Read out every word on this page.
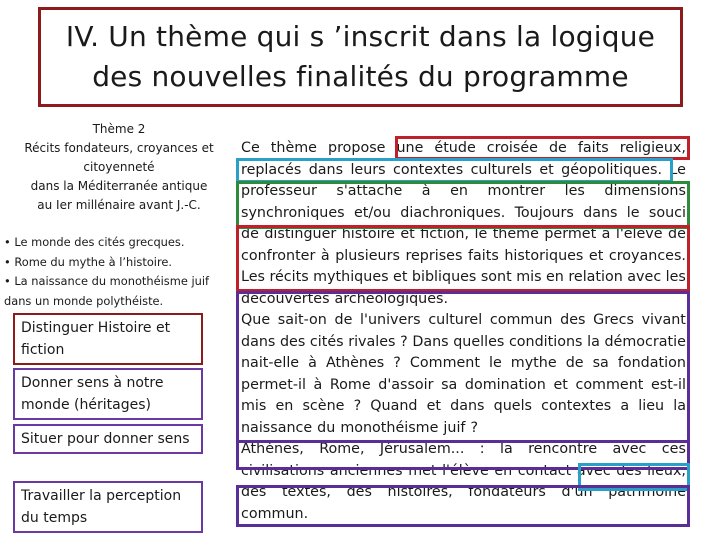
IV. Un thème qui s ’inscrit dans la logique
des nouvelles finalités du programme
Thème 2
Récits fondateurs, croyances et
citoyenneté
dans la Méditerranée antique
au Ier millénaire avant J.-C.
• Le monde des cités grecques.
• Rome du mythe à l’histoire.
• La naissance du monothéisme juif
dans un monde polythéiste.
Distinguer Histoire et fiction
Donner sens à notre monde (héritages)
Situer pour donner sens
Travailler la perception du temps
Ce thème propose une étude croisée de faits religieux,
replacés dans leurs contextes culturels et géopolitiques. Le
professeur s'attache à en montrer les dimensions
synchroniques et/ou diachroniques. Toujours dans le souci
de distinguer histoire et fiction, le thème permet à l'élève de
confronter à plusieurs reprises faits historiques et croyances.
Les récits mythiques et bibliques sont mis en relation avec les
découvertes archéologiques.
Que sait-on de l'univers culturel commun des Grecs vivant
dans des cités rivales ? Dans quelles conditions la démocratie
nait-elle à Athènes ? Comment le mythe de sa fondation
permet-il à Rome d'assoir sa domination et comment est-il
mis en scène ? Quand et dans quels contextes a lieu la
naissance du monothéisme juif ?
Athènes, Rome, Jérusalem... : la rencontre avec ces
civilisations anciennes met l'élève en contact avec des lieux,
des textes, des histoires, fondateurs d'un patrimoine
commun.
